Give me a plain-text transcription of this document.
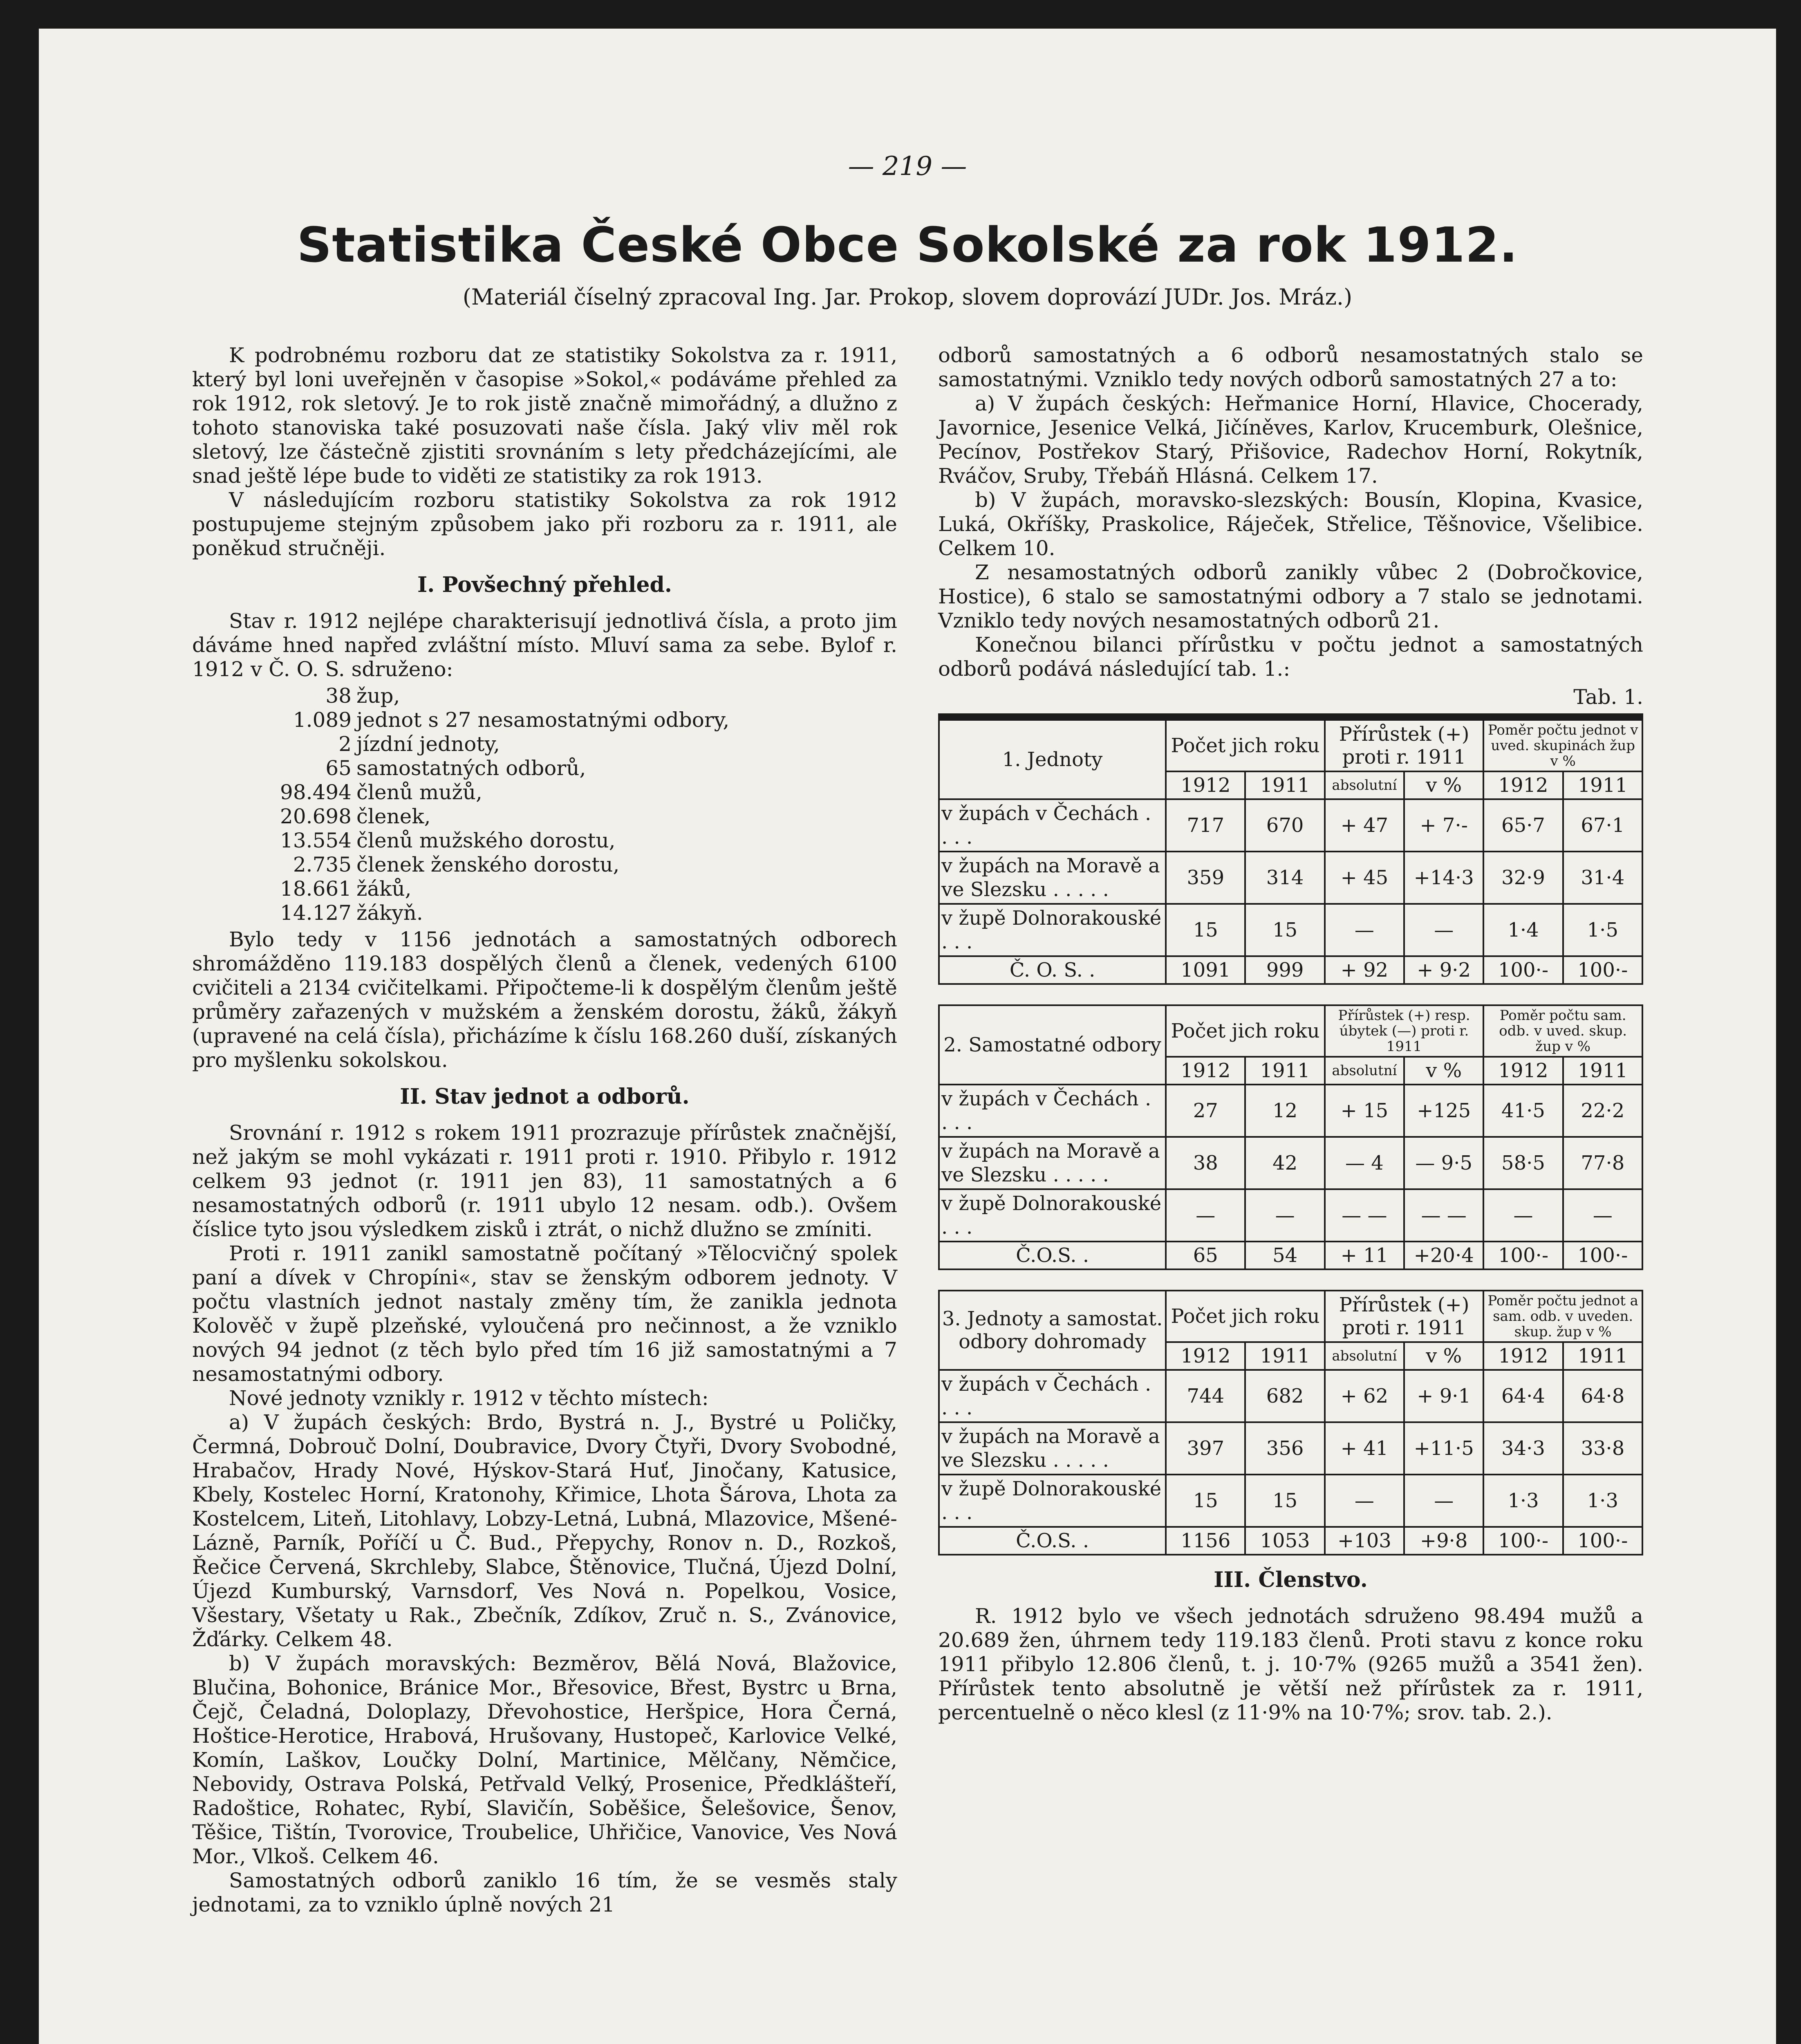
— 219 —
Statistika České Obce Sokolské za rok 1912.
(Materiál číselný zpracoval Ing. Jar. Prokop, slovem doprovází JUDr. Jos. Mráz.)

K podrobnému rozboru dat ze statistiky Sokolstva za r. 1911, který byl loni uveřejněn v časopise »Sokol,« podáváme přehled za rok 1912, rok sletový. Je to rok jistě značně mimořádný, a dlužno z tohoto stanoviska také posuzovati naše čísla. Jaký vliv měl rok sletový, lze částečně zjistiti srovnáním s lety předcházejícími, ale snad ještě lépe bude to viděti ze statistiky za rok 1913.

V následujícím rozboru statistiky Sokolstva za rok 1912 postupujeme stejným způsobem jako při rozboru za r. 1911, ale poněkud stručněji.

I. Povšechný přehled.

Stav r. 1912 nejlépe charakterisují jednotlivá čísla, a proto jim dáváme hned napřed zvláštní místo. Mluví sama za sebe. Bylof r. 1912 v Č. O. S. sdruženo:

38 žup,
1.089 jednot s 27 nesamostatnými odbory,
2 jízdní jednoty,
65 samostatných odborů,
98.494 členů mužů,
20.698 členek,
13.554 členů mužského dorostu,
2.735 členek ženského dorostu,
18.661 žáků,
14.127 žákyň.

Bylo tedy v 1156 jednotách a samostatných odborech shromážděno 119.183 dospělých členů a členek, vedených 6100 cvičiteli a 2134 cvičitelkami. Připočteme-li k dospělým členům ještě průměry zařazených v mužském a ženském dorostu, žáků, žákyň (upravené na celá čísla), přicházíme k číslu 168.260 duší, získaných pro myšlenku sokolskou.

II. Stav jednot a odborů.

Srovnání r. 1912 s rokem 1911 prozrazuje přírůstek značnější, než jakým se mohl vykázati r. 1911 proti r. 1910. Přibylo r. 1912 celkem 93 jednot (r. 1911 jen 83), 11 samostatných a 6 nesamostatných odborů (r. 1911 ubylo 12 nesam. odb.). Ovšem číslice tyto jsou výsledkem zisků i ztrát, o nichž dlužno se zmíniti.

Proti r. 1911 zanikl samostatně počítaný »Tělocvičný spolek paní a dívek v Chropíni«, stav se ženským odborem jednoty. V počtu vlastních jednot nastaly změny tím, že zanikla jednota Kolověč v župě plzeňské, vyloučená pro nečinnost, a že vzniklo nových 94 jednot (z těch bylo před tím 16 již samostatnými a 7 nesamostatnými odbory.

Nové jednoty vznikly r. 1912 v těchto místech:

a) V župách českých: Brdo, Bystrá n. J., Bystré u Poličky, Čermná, Dobrouč Dolní, Doubravice, Dvory Čtyři, Dvory Svobodné, Hrabačov, Hrady Nové, Hýskov-Stará Huť, Jinočany, Katusice, Kbely, Kostelec Horní, Kratonohy, Křimice, Lhota Šárova, Lhota za Kostelcem, Liteň, Litohlavy, Lobzy-Letná, Lubná, Mlazovice, Mšené-Lázně, Parník, Poříčí u Č. Bud., Přepychy, Ronov n. D., Rozkoš, Řečice Červená, Skrchleby, Slabce, Štěnovice, Tlučná, Újezd Dolní, Újezd Kumburský, Varnsdorf, Ves Nová n. Popelkou, Vosice, Všestary, Všetaty u Rak., Zbečník, Zdíkov, Zruč n. S., Zvánovice, Žďárky. Celkem 48.

b) V župách moravských: Bezměrov, Bělá Nová, Blažovice, Blučina, Bohonice, Bránice Mor., Břesovice, Břest, Bystrc u Brna, Čejč, Čeladná, Doloplazy, Dřevohostice, Heršpice, Hora Černá, Hoštice-Herotice, Hrabová, Hrušovany, Hustopeč, Karlovice Velké, Komín, Laškov, Loučky Dolní, Martinice, Mělčany, Němčice, Nebovidy, Ostrava Polská, Petřvald Velký, Prosenice, Předklášteří, Radoštice, Rohatec, Rybí, Slavičín, Soběšice, Šelešovice, Šenov, Těšice, Tištín, Tvorovice, Troubelice, Uhřičice, Vanovice, Ves Nová Mor., Vlkoš. Celkem 46.

Samostatných odborů zaniklo 16 tím, že se vesměs staly jednotami, za to vzniklo úplně nových 21

odborů samostatných a 6 odborů nesamostatných stalo se samostatnými. Vzniklo tedy nových odborů samostatných 27 a to:

a) V župách českých: Heřmanice Horní, Hlavice, Chocerady, Javornice, Jesenice Velká, Jičíněves, Karlov, Krucemburk, Olešnice, Pecínov, Postřekov Starý, Přišovice, Radechov Horní, Rokytník, Rváčov, Sruby, Třebáň Hlásná. Celkem 17.

b) V župách, moravsko-slezských: Bousín, Klopina, Kvasice, Luká, Okříšky, Praskolice, Ráječek, Střelice, Těšnovice, Všelibice. Celkem 10.

Z nesamostatných odborů zanikly vůbec 2 (Dobročkovice, Hostice), 6 stalo se samostatnými odbory a 7 stalo se jednotami. Vzniklo tedy nových nesamostatných odborů 21.

Konečnou bilanci přírůstku v počtu jednot a samostatných odborů podává následující tab. 1.:

Tab. 1.
1. Jednoty	Počet jich roku		Přírůstek (+) proti r. 1911		Poměr počtu jednot v uved. skupinách žup v %	
	1912	1911	absolutní	v %	1912	1911
v župách v Čechách . . . .	717	670	+ 47	+ 7·-	65·7	67·1
v župách na Moravě a ve Slezsku . . . . .	359	314	+ 45	+14·3	32·9	31·4
v župě Dolnorakouské . . .	15	15	—	—	1·4	1·5
Č. O. S. .	1091	999	+ 92	+ 9·2	100·-	100·-

2. Samostatné odbory	Počet jich roku		Přírůstek (+) resp. úbytek (—) proti r. 1911		Poměr počtu sam. odb. v uved. skup. žup v %	
	1912	1911	absolutní	v %	1912	1911
v župách v Čechách . . . .	27	12	+ 15	+125	41·5	22·2
v župách na Moravě a ve Slezsku . . . . .	38	42	— 4	— 9·5	58·5	77·8
v župě Dolnorakouské . . .	—	—	— —	— —	—	—
Č.O.S. .	65	54	+ 11	+20·4	100·-	100·-

3. Jednoty a samostat. odbory dohromady	Počet jich roku		Přírůstek (+) proti r. 1911		Poměr počtu jednot a sam. odb. v uveden. skup. žup v %	
	1912	1911	absolutní	v %	1912	1911
v župách v Čechách . . . .	744	682	+ 62	+ 9·1	64·4	64·8
v župách na Moravě a ve Slezsku . . . . .	397	356	+ 41	+11·5	34·3	33·8
v župě Dolnorakouské . . .	15	15	—	—	1·3	1·3
Č.O.S. .	1156	1053	+103	+9·8	100·-	100·-
III. Členstvo.

R. 1912 bylo ve všech jednotách sdruženo 98.494 mužů a 20.689 žen, úhrnem tedy 119.183 členů. Proti stavu z konce roku 1911 přibylo 12.806 členů, t. j. 10·7% (9265 mužů a 3541 žen). Přírůstek tento absolutně je větší než přírůstek za r. 1911, percentuelně o něco klesl (z 11·9% na 10·7%; srov. tab. 2.).
